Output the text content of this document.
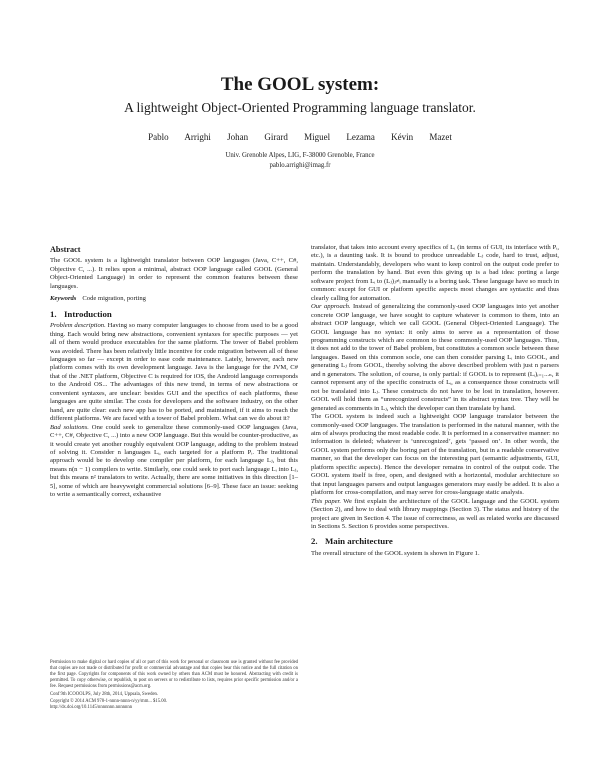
The GOOL system:
A lightweight Object-Oriented Programming language translator.
Pablo Arrighi Johan Girard Miguel Lezama Kévin Mazet
Univ. Grenoble Alpes, LIG, F-38000 Grenoble, France
pablo.arrighi@imag.fr
Abstract

The GOOL system is a lightweight translator between OOP languages (Java, C++, C#, Objective C, ...). It relies upon a minimal, abstract OOP language called GOOL (General Object-Oriented Language) in order to represent the common features between these languages.

Keywords Code migration, porting

1. Introduction

Problem description. Having so many computer languages to choose from used to be a good thing. Each would bring new abstractions, convenient syntaxes for specific purposes — yet all of them would produce executables for the same platform. The tower of Babel problem was avoided. There has been relatively little incentive for code migration between all of these languages so far — except in order to ease code maintenance. Lately, however, each new platform comes with its own development language. Java is the language for the JVM, C# that of the .NET platform, Objective C is required for iOS, the Android language corresponds to the Android OS... The advantages of this new trend, in terms of new abstractions or convenient syntaxes, are unclear: besides GUI and the specifics of each platforms, these languages are quite similar. The costs for developers and the software industry, on the other hand, are quite clear: each new app has to be ported, and maintained, if it aims to reach the different platforms. We are faced with a tower of Babel problem. What can we do about it?

Bad solutions. One could seek to generalize these commonly-used OOP languages (Java, C++, C#, Objective C, ...) into a new OOP language. But this would be counter-productive, as it would create yet another roughly equivalent OOP language, adding to the problem instead of solving it. Consider n languages Lᵢ, each targeted for a platform Pᵢ. The traditional approach would be to develop one compiler per platform, for each language Lⱼ, but this means n(n − 1) compilers to write. Similarly, one could seek to port each language Lᵢ into Lⱼ, but this means n² translators to write. Actually, there are some initiatives in this direction [1–5], some of which are heavyweight commercial solutions [6–9]. These face an issue: seeking to write a semantically correct, exhaustive

Permission to make digital or hard copies of all or part of this work for personal or classroom use is granted without fee provided that copies are not made or distributed for profit or commercial advantage and that copies bear this notice and the full citation on the first page. Copyrights for components of this work owned by others than ACM must be honored. Abstracting with credit is permitted. To copy otherwise, or republish, to post on servers or to redistribute to lists, requires prior specific permission and/or a fee. Request permissions from permissions@acm.org.

Conf 9th ICOOOLPS, July 28th, 2014, Uppsala, Sweden.
Copyright © 2014 ACM 978-1-nnnn-nnnn-n/yy/mm... $15.00.
http://dx.doi.org/10.1145/nnnnnnn.nnnnnnn

translator, that takes into account every specifics of Lᵢ (in terms of GUI, its interface with Pᵢ, etc.), is a daunting task. It is bound to produce unreadable Lⱼ code, hard to trust, adjust, maintain. Understandably, developers who want to keep control on the output code prefer to perform the translation by hand. But even this giving up is a bad idea: porting a large software project from Lᵢ to (Lⱼ)ⱼ≠ᵢ manually is a boring task. These language have so much in common: except for GUI or platform specific aspects most changes are syntactic and thus clearly calling for automation.

Our approach. Instead of generalizing the commonly-used OOP languages into yet another concrete OOP language, we have sought to capture whatever is common to them, into an abstract OOP language, which we call GOOL (General Object-Oriented Language). The GOOL language has no syntax: it only aims to serve as a representation of those programming constructs which are common to these commonly-used OOP languages. Thus, it does not add to the tower of Babel problem, but constitutes a common socle between these languages. Based on this common socle, one can then consider parsing Lᵢ into GOOL, and generating Lⱼ from GOOL, thereby solving the above described problem with just n parsers and n generators. The solution, of course, is only partial: if GOOL is to represent (Lᵢ)ᵢ₌₁...ₙ, it cannot represent any of the specific constructs of Lᵢ, as a consequence those constructs will not be translated into Lⱼ. These constructs do not have to be lost in translation, however. GOOL will hold them as “unrecognized constructs” in its abstract syntax tree. They will be generated as comments in Lⱼ, which the developer can then translate by hand.

The GOOL system is indeed such a lightweight OOP language translator between the commonly-used OOP languages. The translation is performed in the natural manner, with the aim of always producing the most readable code. It is performed in a conservative manner: no information is deleted; whatever is ‘unrecognized’, gets ‘passed on’. In other words, the GOOL system performs only the boring part of the translation, but in a readable conservative manner, so that the developer can focus on the interesting part (semantic adjustments, GUI, platform specific aspects). Hence the developer remains in control of the output code. The GOOL system itself is free, open, and designed with a horizontal, modular architecture so that input languages parsers and output languages generators may easily be added. It is also a platform for cross-compilation, and may serve for cross-language static analysis.

This paper. We first explain the architecture of the GOOL language and the GOOL system (Section 2), and how to deal with library mappings (Section 3). The status and history of the project are given in Section 4. The issue of correctness, as well as related works are discussed in Sections 5. Section 6 provides some perspectives.

2. Main architecture

The overall structure of the GOOL system is shown in Figure 1.
